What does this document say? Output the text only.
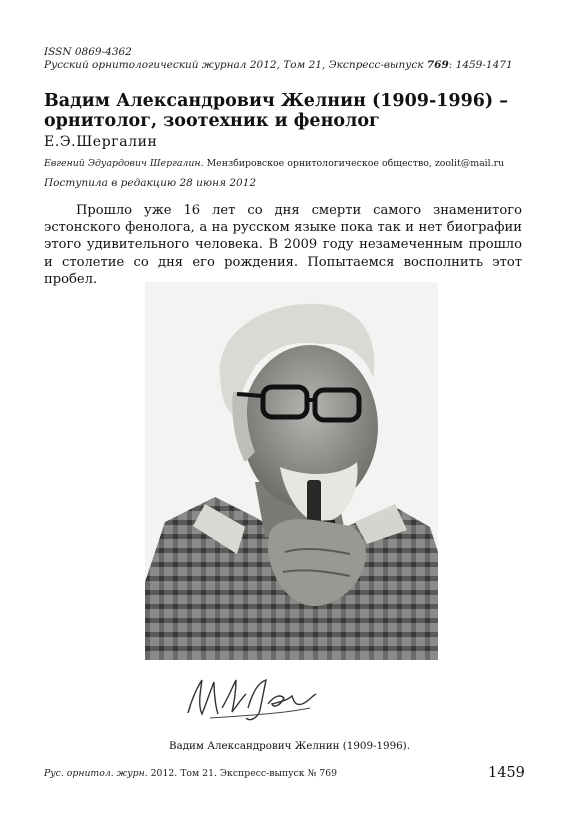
ISSN 0869-4362
Русский орнитологический журнал 2012, Том 21, Экспресс-выпуск 769: 1459-1471
Вадим Александрович Желнин (1909-1996) – орнитолог, зоотехник и фенолог
Е.Э.Шергалин
Евгений Эдуардович Шергалин. Мензбировское орнитологическое общество, zoolit@mail.ru
Поступила в редакцию 28 июня 2012
Прошло уже 16 лет со дня смерти самого знаменитого эстонского фенолога, а на русском языке пока так и нет биографии этого удивительного человека. В 2009 году незамеченным прошло и столетие со дня его рождения. Попытаемся восполнить этот пробел.
Вадим Александрович Желнин (1909-1996).
Рус. орнитол. журн. 2012. Том 21. Экспресс-выпуск № 769	1459
